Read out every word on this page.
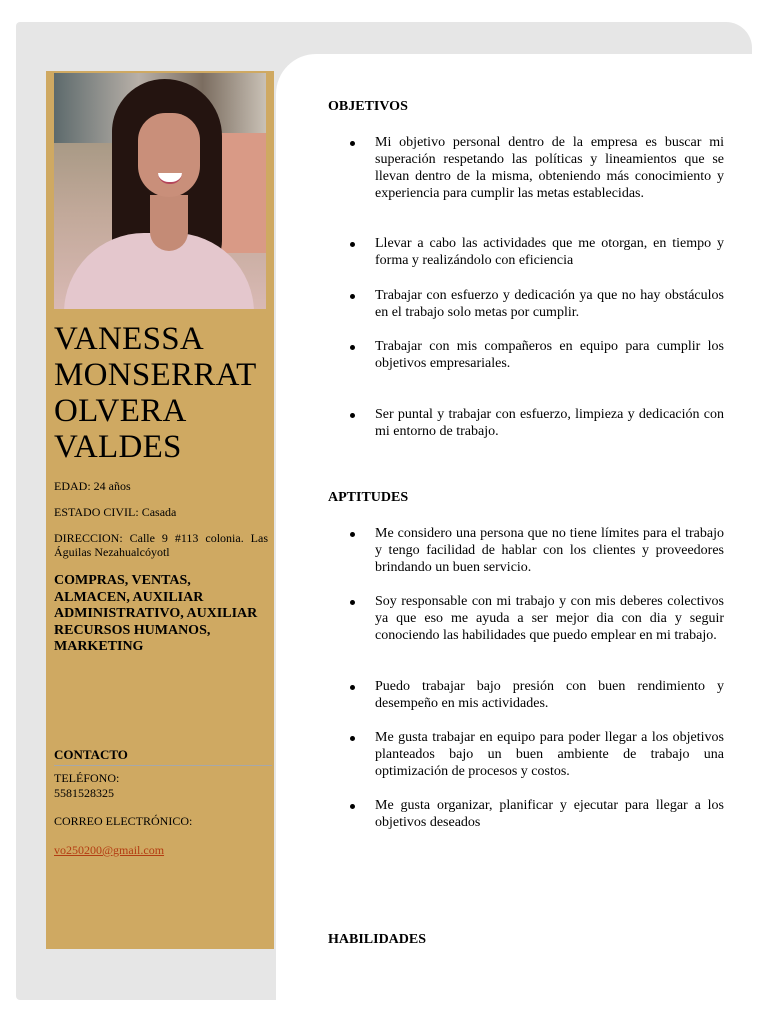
VANESSA
MONSERRAT
OLVERA
VALDES

EDAD: 24 años

ESTADO CIVIL: Casada

DIRECCION: Calle 9 #113 colonia. Las Águilas Nezahualcóyotl

COMPRAS, VENTAS, ALMACEN, AUXILIAR ADMINISTRATIVO, AUXILIAR RECURSOS HUMANOS, MARKETING

CONTACTO

TELÉFONO:

5581528325

CORREO ELECTRÓNICO:

vo250200@gmail.com
OBJETIVOS
Mi objetivo personal dentro de la empresa es buscar mi superación respetando las políticas y lineamientos que se llevan dentro de la misma, obteniendo más conocimiento y experiencia para cumplir las metas establecidas.
Llevar a cabo las actividades que me otorgan, en tiempo y forma y realizándolo con eficiencia
Trabajar con esfuerzo y dedicación ya que no hay obstáculos en el trabajo solo metas por cumplir.
Trabajar con mis compañeros en equipo para cumplir los objetivos empresariales.
Ser puntal y trabajar con esfuerzo, limpieza y dedicación con mi entorno de trabajo.
APTITUDES
Me considero una persona que no tiene límites para el trabajo y tengo facilidad de hablar con los clientes y proveedores brindando un buen servicio.
Soy responsable con mi trabajo y con mis deberes colectivos ya que eso me ayuda a ser mejor dia con dia y seguir conociendo las habilidades que puedo emplear en mi trabajo.
Puedo trabajar bajo presión con buen rendimiento y desempeño en mis actividades.
Me gusta trabajar en equipo para poder llegar a los objetivos planteados bajo un buen ambiente de trabajo una optimización de procesos y costos.
Me gusta organizar, planificar y ejecutar para llegar a los objetivos deseados
HABILIDADES
